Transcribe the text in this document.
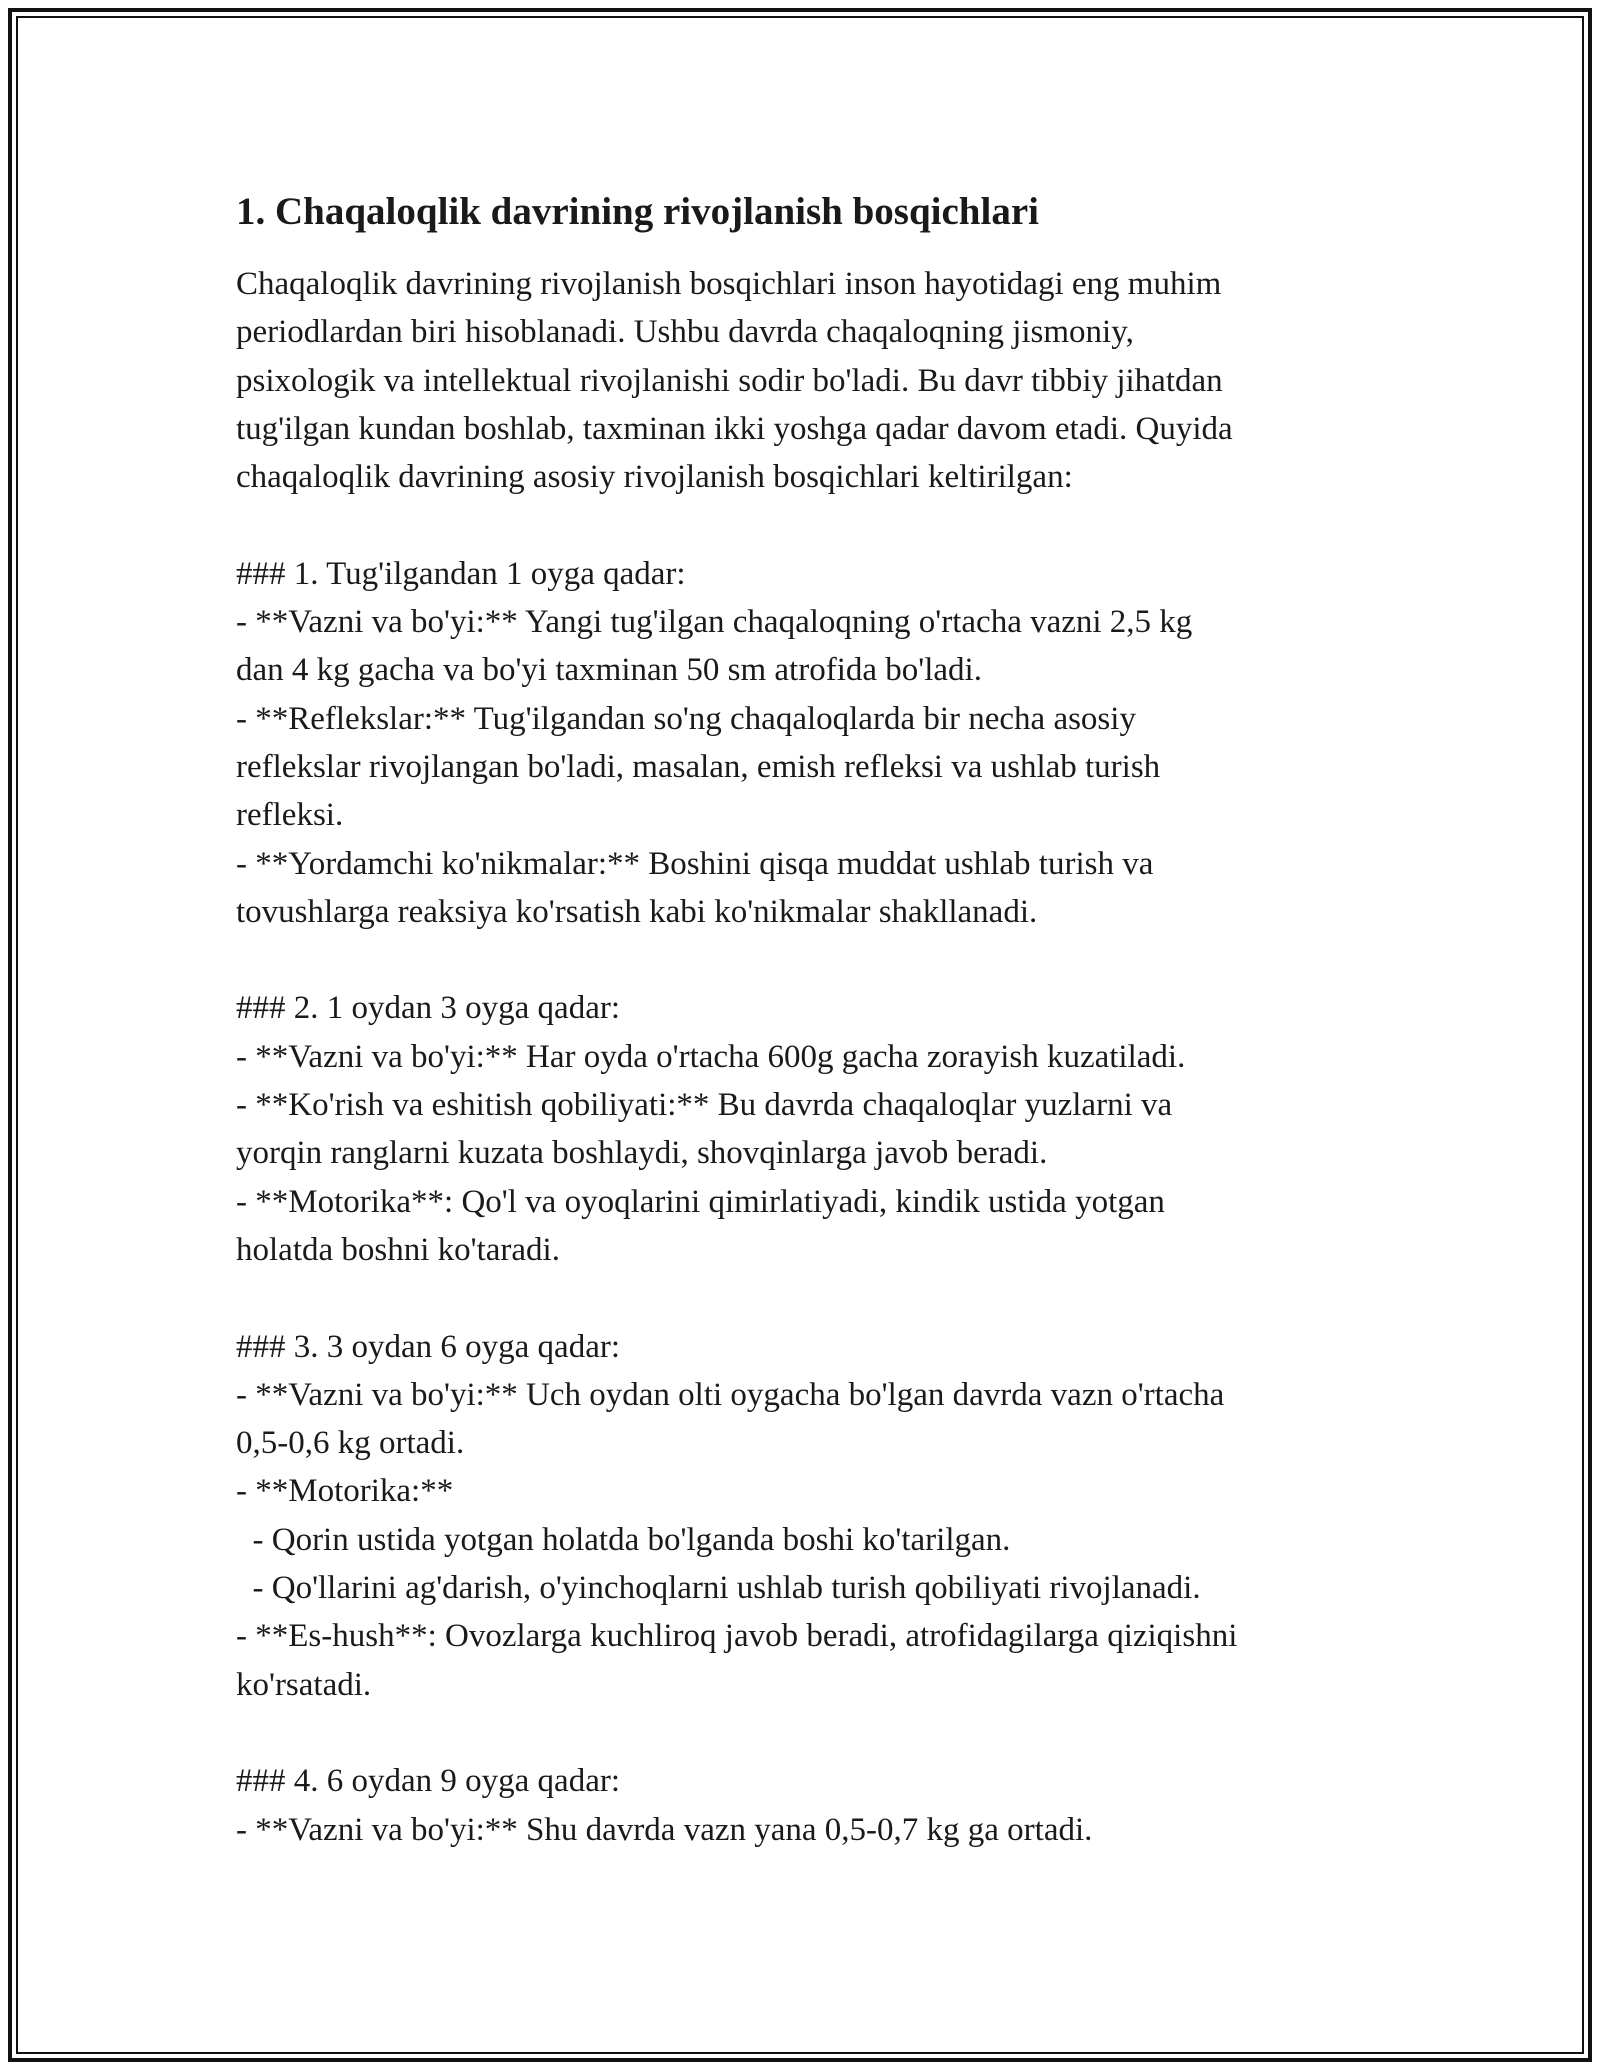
1. Chaqaloqlik davrining rivojlanish bosqichlari
Chaqaloqlik davrining rivojlanish bosqichlari inson hayotidagi eng muhim
periodlardan biri hisoblanadi. Ushbu davrda chaqaloqning jismoniy,
psixologik va intellektual rivojlanishi sodir bo'ladi. Bu davr tibbiy jihatdan
tug'ilgan kundan boshlab, taxminan ikki yoshga qadar davom etadi. Quyida
chaqaloqlik davrining asosiy rivojlanish bosqichlari keltirilgan:
### 1. Tug'ilgandan 1 oyga qadar:
- **Vazni va bo'yi:** Yangi tug'ilgan chaqaloqning o'rtacha vazni 2,5 kg
dan 4 kg gacha va bo'yi taxminan 50 sm atrofida bo'ladi.
- **Reflekslar:** Tug'ilgandan so'ng chaqaloqlarda bir necha asosiy
reflekslar rivojlangan bo'ladi, masalan, emish refleksi va ushlab turish
refleksi.
- **Yordamchi ko'nikmalar:** Boshini qisqa muddat ushlab turish va
tovushlarga reaksiya ko'rsatish kabi ko'nikmalar shakllanadi.
### 2. 1 oydan 3 oyga qadar:
- **Vazni va bo'yi:** Har oyda o'rtacha 600g gacha zorayish kuzatiladi.
- **Ko'rish va eshitish qobiliyati:** Bu davrda chaqaloqlar yuzlarni va
yorqin ranglarni kuzata boshlaydi, shovqinlarga javob beradi.
- **Motorika**: Qo'l va oyoqlarini qimirlatiyadi, kindik ustida yotgan
holatda boshni ko'taradi.
### 3. 3 oydan 6 oyga qadar:
- **Vazni va bo'yi:** Uch oydan olti oygacha bo'lgan davrda vazn o'rtacha
0,5-0,6 kg ortadi.
- **Motorika:**
- Qorin ustida yotgan holatda bo'lganda boshi ko'tarilgan.
- Qo'llarini ag'darish, o'yinchoqlarni ushlab turish qobiliyati rivojlanadi.
- **Es-hush**: Ovozlarga kuchliroq javob beradi, atrofidagilarga qiziqishni
ko'rsatadi.
### 4. 6 oydan 9 oyga qadar:
- **Vazni va bo'yi:** Shu davrda vazn yana 0,5-0,7 kg ga ortadi.
